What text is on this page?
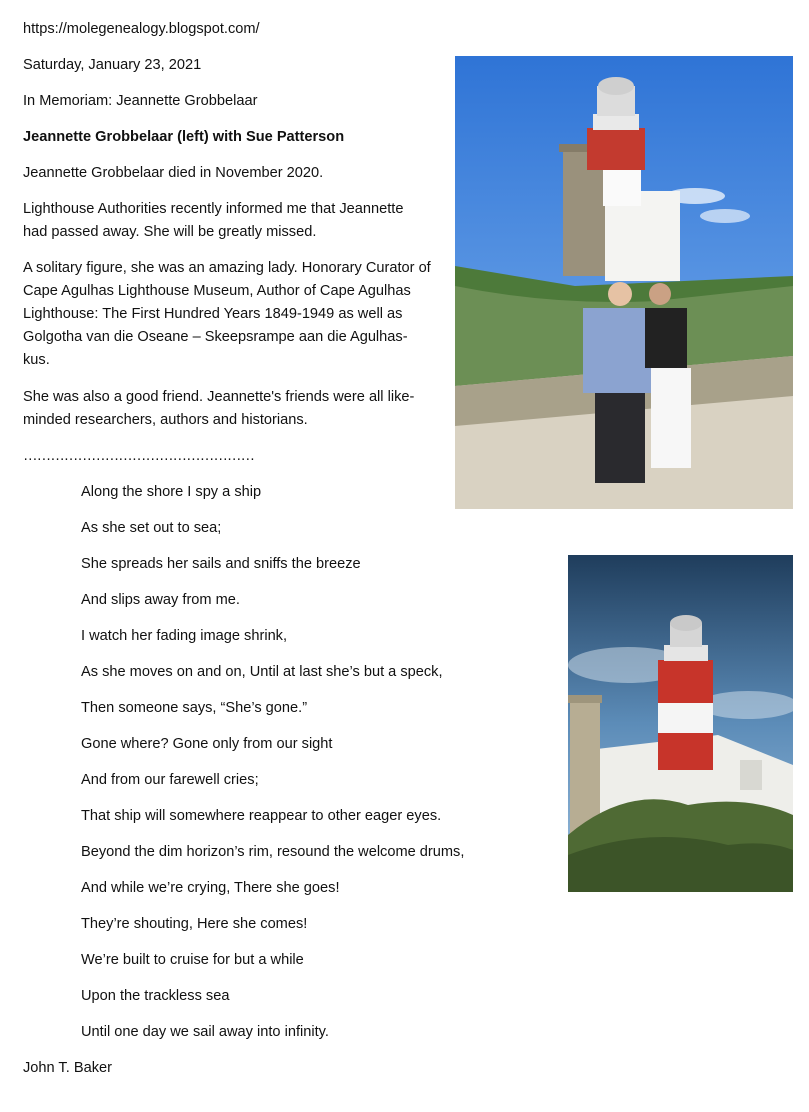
https://molegenealogy.blogspot.com/
Saturday, January 23, 2021
In Memoriam: Jeannette Grobbelaar
Jeannette Grobbelaar (left) with Sue Patterson
Jeannette Grobbelaar died in November 2020.
Lighthouse Authorities recently informed me that Jeannette had passed away. She will be greatly missed.
A solitary figure, she was an amazing lady. Honorary Curator of Cape Agulhas Lighthouse Museum, Author of Cape Agulhas Lighthouse: The First Hundred Years 1849-1949 as well as Golgotha van die Oseane – Skeepsrampe aan die Agulhas-kus.
She was also a good friend. Jeannette's friends were all like-minded researchers, authors and historians.
……………………………………………
Along the shore I spy a ship
As she set out to sea;
She spreads her sails and sniffs the breeze
And slips away from me.
I watch her fading image shrink,
As she moves on and on, Until at last she’s but a speck,
Then someone says, “She’s gone.”
Gone where? Gone only from our sight
And from our farewell cries;
That ship will somewhere reappear to other eager eyes.
Beyond the dim horizon’s rim, resound the welcome drums,
And while we’re crying, There she goes!
They’re shouting, Here she comes!
We’re built to cruise for but a while
Upon the trackless sea
Until one day we sail away into infinity.
John T. Baker
